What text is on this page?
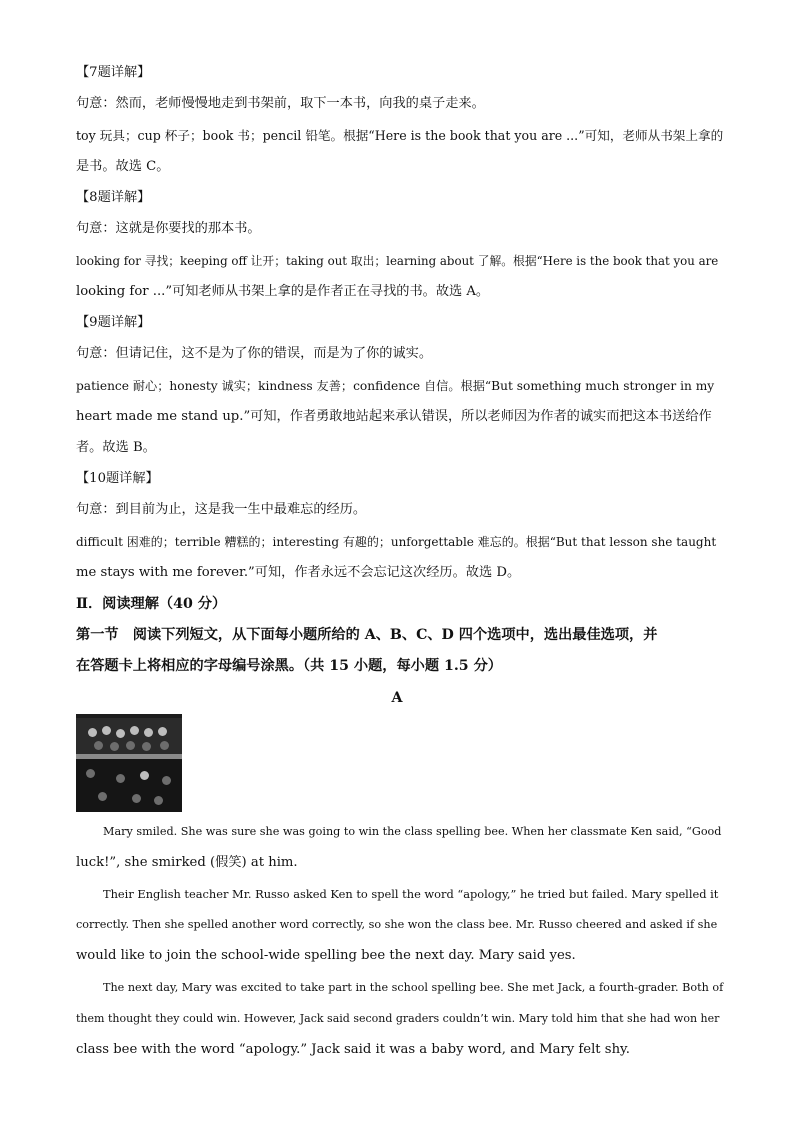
【7题详解】
句意：然而，老师慢慢地走到书架前，取下一本书，向我的桌子走来。
toy 玩具；cup 杯子；book 书；pencil 铅笔。根据“Here is the book that you are ...”可知，老师从书架上拿的
是书。故选 C。
【8题详解】
句意：这就是你要找的那本书。
looking for 寻找；keeping off 让开；taking out 取出；learning about 了解。根据“Here is the book that you are
looking for ...”可知老师从书架上拿的是作者正在寻找的书。故选 A。
【9题详解】
句意：但请记住，这不是为了你的错误，而是为了你的诚实。
patience 耐心；honesty 诚实；kindness 友善；confidence 自信。根据“But something much stronger in my
heart made me stand up.”可知，作者勇敢地站起来承认错误，所以老师因为作者的诚实而把这本书送给作
者。故选 B。
【10题详解】
句意：到目前为止，这是我一生中最难忘的经历。
difficult 困难的；terrible 糟糕的；interesting 有趣的；unforgettable 难忘的。根据“But that lesson she taught
me stays with me forever.”可知，作者永远不会忘记这次经历。故选 D。
Ⅱ．阅读理解（40 分）
第一节　阅读下列短文，从下面每小题所给的 A、B、C、D 四个选项中，选出最佳选项，并
在答题卡上将相应的字母编号涂黑。（共 15 小题，每小题 1.5 分）
A
Mary smiled. She was sure she was going to win the class spelling bee. When her classmate Ken said, “Good
luck!”, she smirked (假笑) at him.
Their English teacher Mr. Russo asked Ken to spell the word “apology,” he tried but failed. Mary spelled it
correctly. Then she spelled another word correctly, so she won the class bee. Mr. Russo cheered and asked if she
would like to join the school-wide spelling bee the next day. Mary said yes.
The next day, Mary was excited to take part in the school spelling bee. She met Jack, a fourth-grader. Both of
them thought they could win. However, Jack said second graders couldn’t win. Mary told him that she had won her
class bee with the word “apology.” Jack said it was a baby word, and Mary felt shy.
